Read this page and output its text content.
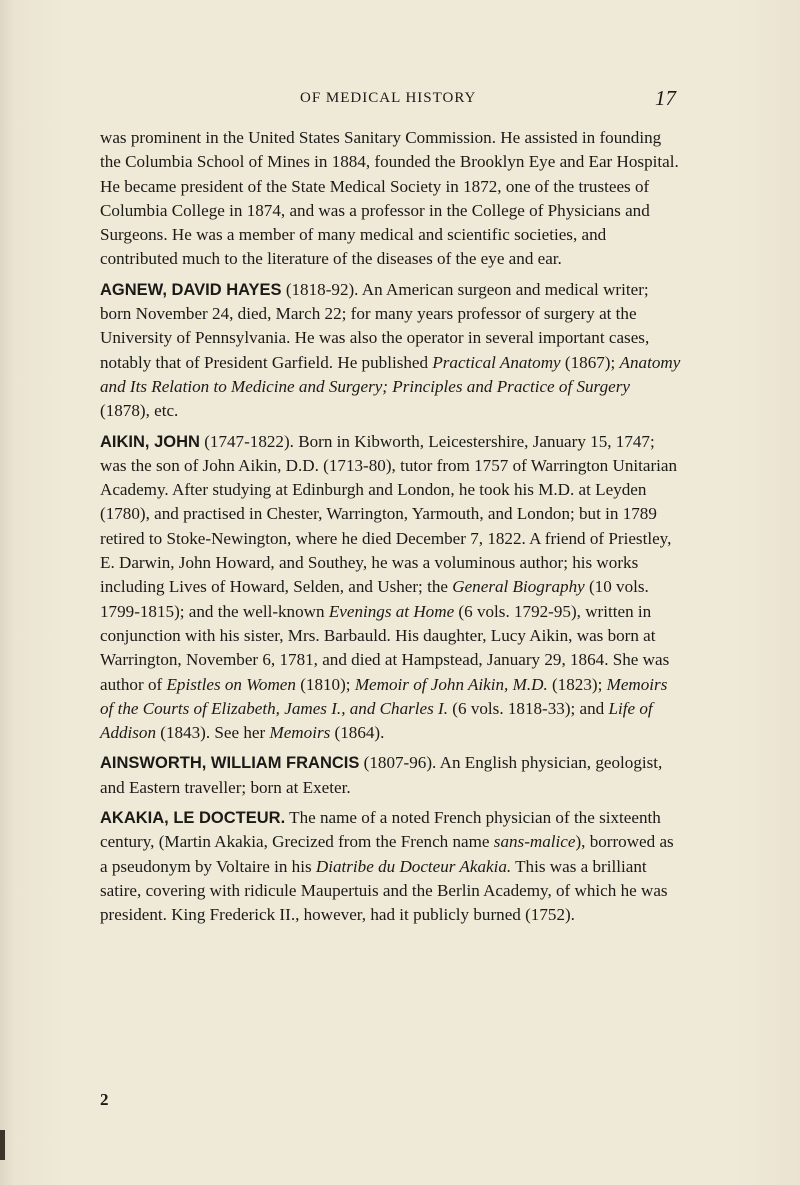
OF MEDICAL HISTORY	17

was prominent in the United States Sanitary Commission. He assisted in founding the Columbia School of Mines in 1884, founded the Brooklyn Eye and Ear Hospital. He became president of the State Medical Society in 1872, one of the trustees of Columbia College in 1874, and was a professor in the College of Physicians and Surgeons. He was a member of many medical and scientific societies, and contributed much to the literature of the diseases of the eye and ear.

AGNEW, DAVID HAYES (1818-92). An American surgeon and medical writer; born November 24, died, March 22; for many years professor of surgery at the University of Pennsylvania. He was also the operator in several important cases, notably that of President Garfield. He published Practical Anatomy (1867); Anatomy and Its Relation to Medicine and Surgery; Principles and Practice of Surgery (1878), etc.

AIKIN, JOHN (1747-1822). Born in Kibworth, Leicestershire, January 15, 1747; was the son of John Aikin, D.D. (1713-80), tutor from 1757 of Warrington Unitarian Academy. After studying at Edinburgh and London, he took his M.D. at Leyden (1780), and practised in Chester, Warrington, Yarmouth, and London; but in 1789 retired to Stoke-Newington, where he died December 7, 1822. A friend of Priestley, E. Darwin, John Howard, and Southey, he was a voluminous author; his works including Lives of Howard, Selden, and Usher; the General Biography (10 vols. 1799-1815); and the well-known Evenings at Home (6 vols. 1792-95), written in conjunction with his sister, Mrs. Barbauld. His daughter, Lucy Aikin, was born at Warrington, November 6, 1781, and died at Hampstead, January 29, 1864. She was author of Epistles on Women (1810); Memoir of John Aikin, M.D. (1823); Memoirs of the Courts of Elizabeth, James I., and Charles I. (6 vols. 1818-33); and Life of Addison (1843). See her Memoirs (1864).

AINSWORTH, WILLIAM FRANCIS (1807-96). An English physician, geologist, and Eastern traveller; born at Exeter.

AKAKIA, LE DOCTEUR. The name of a noted French physician of the sixteenth century, (Martin Akakia, Grecized from the French name sans-malice), borrowed as a pseudonym by Voltaire in his Diatribe du Docteur Akakia. This was a brilliant satire, covering with ridicule Maupertuis and the Berlin Academy, of which he was president. King Frederick II., however, had it publicly burned (1752).

2
